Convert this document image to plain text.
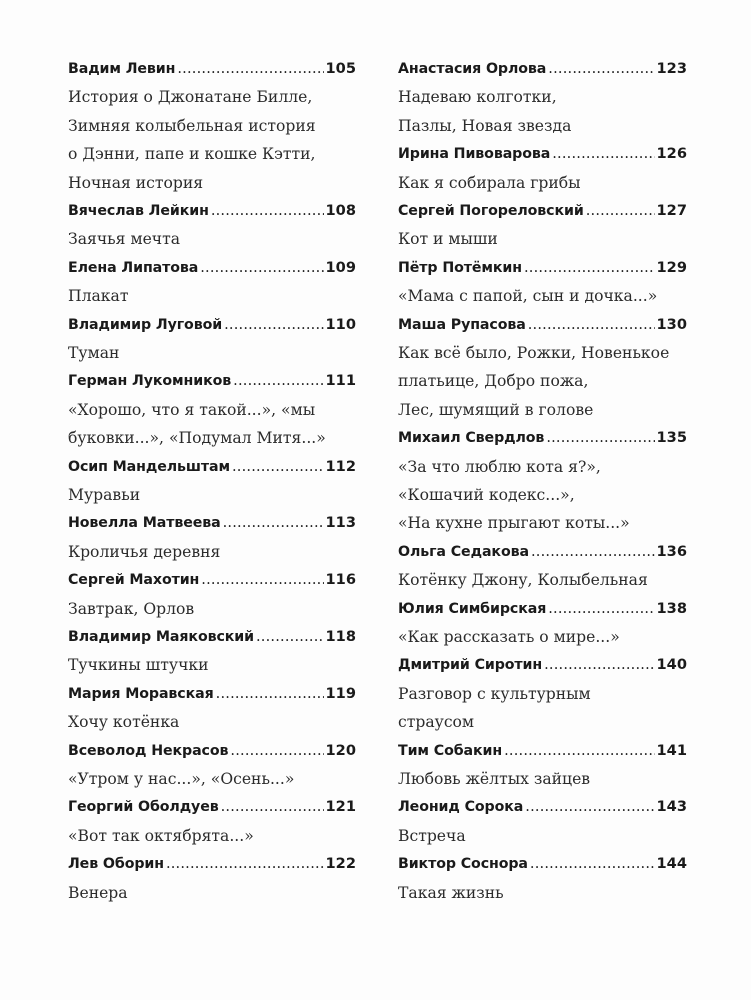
Вадим Левин .....	105
История о Джонатане Билле,
Зимняя колыбельная история
о Дэнни, папе и кошке Кэтти,
Ночная история
Вячеслав Лейкин .....	108
Заячья мечта
Елена Липатова .....	109
Плакат
Владимир Луговой .....	110
Туман
Герман Лукомников .....	111
«Хорошо, что я такой...», «мы
буковки...», «Подумал Митя...»
Осип Мандельштам .....	112
Муравьи
Новелла Матвеева .....	113
Кроличья деревня
Сергей Махотин .....	116
Завтрак, Орлов
Владимир Маяковский .....	118
Тучкины штучки
Мария Моравская .....	119
Хочу котёнка
Всеволод Некрасов .....	120
«Утром у нас...», «Осень...»
Георгий Оболдуев .....	121
«Вот так октябрята...»
Лев Оборин .....	122
Венера
Анастасия Орлова .....	123
Надеваю колготки,
Пазлы, Новая звезда
Ирина Пивоварова .....	126
Как я собирала грибы
Сергей Погореловский .....	127
Кот и мыши
Пётр Потёмкин .....	129
«Мама с папой, сын и дочка...»
Маша Рупасова .....	130
Как всё было, Рожки, Новенькое
платьице, Добро пожа,
Лес, шумящий в голове
Михаил Свердлов .....	135
«За что люблю кота я?»,
«Кошачий кодекс...»,
«На кухне прыгают коты...»
Ольга Седакова .....	136
Котёнку Джону, Колыбельная
Юлия Симбирская .....	138
«Как рассказать о мире...»
Дмитрий Сиротин .....	140
Разговор с культурным
страусом
Тим Собакин .....	141
Любовь жёлтых зайцев
Леонид Сорока .....	143
Встреча
Виктор Соснора .....	144
Такая жизнь
